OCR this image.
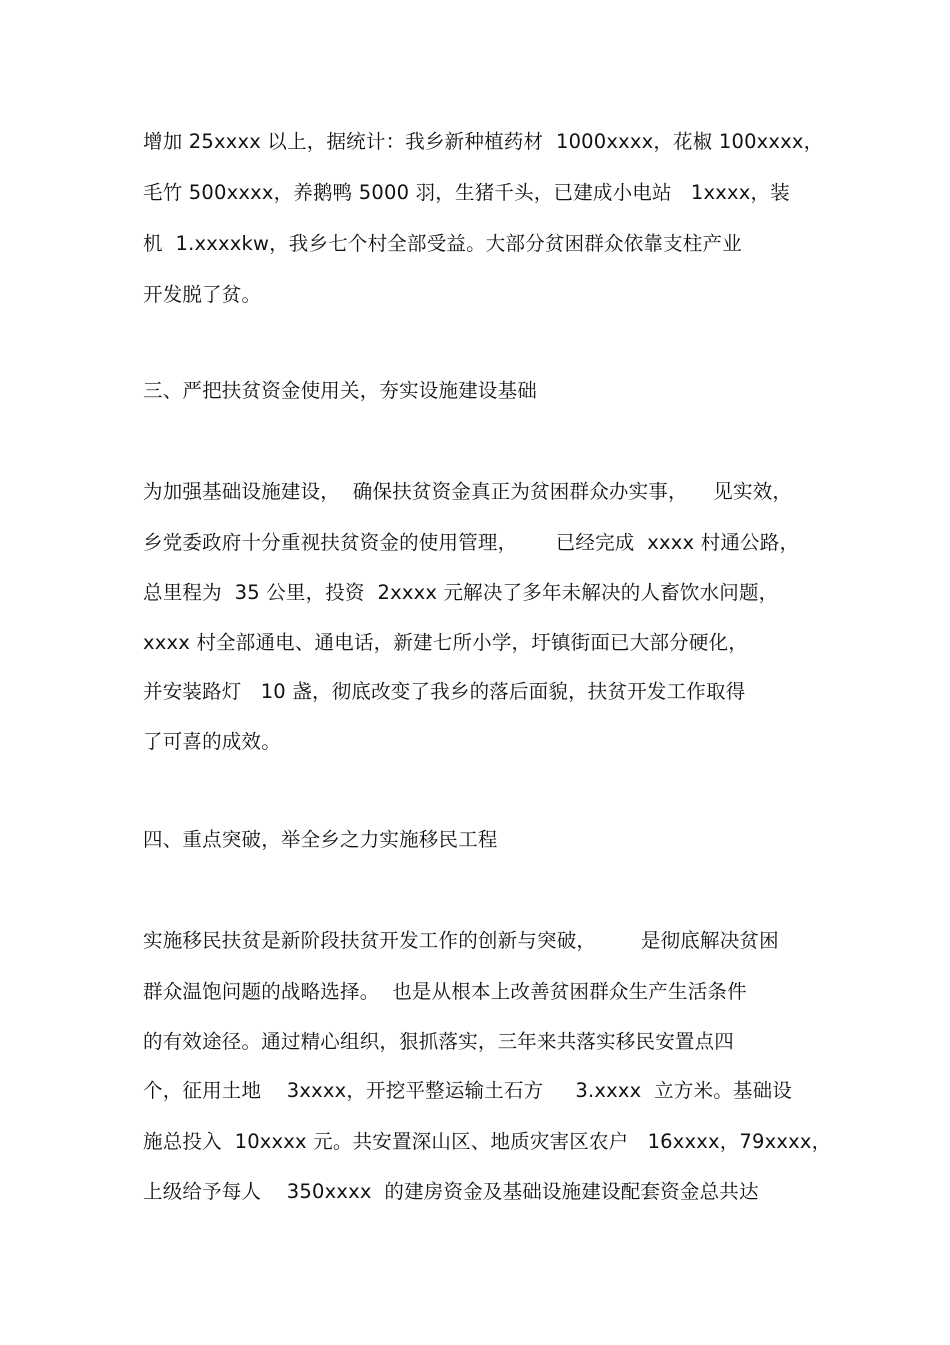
增加 25xxxx 以上，据统计：我乡新种植药材  1000xxxx，花椒 100xxxx，

毛竹 500xxxx，养鹅鸭 5000 羽，生猪千头，已建成小电站   1xxxx，装

机  1.xxxxkw，我乡七个村全部受益。大部分贫困群众依靠支柱产业

开发脱了贫。

三、严把扶贫资金使用关，夯实设施建设基础

为加强基础设施建设，  确保扶贫资金真正为贫困群众办实事，    见实效，

乡党委政府十分重视扶贫资金的使用管理，      已经完成  xxxx 村通公路，

总里程为  35 公里，投资  2xxxx 元解决了多年未解决的人畜饮水问题，

xxxx 村全部通电、通电话，新建七所小学，圩镇街面已大部分硬化，

并安装路灯   10 盏，彻底改变了我乡的落后面貌，扶贫开发工作取得

了可喜的成效。

四、重点突破，举全乡之力实施移民工程

实施移民扶贫是新阶段扶贫开发工作的创新与突破，       是彻底解决贫困

群众温饱问题的战略选择。  也是从根本上改善贫困群众生产生活条件

的有效途径。通过精心组织，狠抓落实，三年来共落实移民安置点四

个，征用土地    3xxxx，开挖平整运输土石方     3.xxxx  立方米。基础设

施总投入  10xxxx 元。共安置深山区、地质灾害区农户   16xxxx，79xxxx，

上级给予每人    350xxxx  的建房资金及基础设施建设配套资金总共达
